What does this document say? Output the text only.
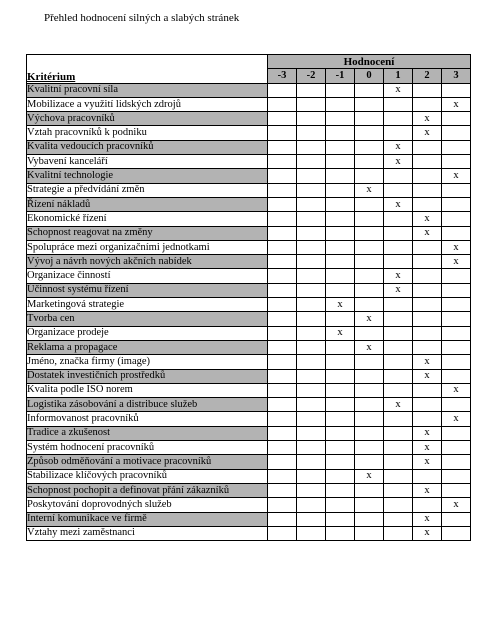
Přehled hodnocení silných a slabých stránek
Kritérium	Hodnocení						
	-3	-2	-1	0	1	2	3
Kvalitní pracovní síla					x		
Mobilizace a využití lidských zdrojů							x
Výchova pracovníků						x	
Vztah pracovníků k podniku						x	
Kvalita vedoucích pracovníků					x		
Vybavení kanceláří					x		
Kvalitní technologie							x
Strategie a předvídání změn				x			
Řízení nákladů					x		
Ekonomické řízení						x	
Schopnost reagovat na změny						x	
Spolupráce mezi organizačními jednotkami							x
Vývoj a návrh nových akčních nabídek							x
Organizace činností					x		
Účinnost systému řízení					x		
Marketingová strategie			x				
Tvorba cen				x			
Organizace prodeje			x				
Reklama a propagace				x			
Jméno, značka firmy (image)						x	
Dostatek investičních prostředků						x	
Kvalita podle ISO norem							x
Logistika zásobování a distribuce služeb					x		
Informovanost pracovníků							x
Tradice a zkušenost						x	
Systém hodnocení pracovníků						x	
Způsob odměňování a motivace pracovníků						x	
Stabilizace klíčových pracovníků				x			
Schopnost pochopit a definovat přání zákazníků						x	
Poskytování doprovodných služeb							x
Interní komunikace ve firmě						x	
Vztahy mezi zaměstnanci						x	
